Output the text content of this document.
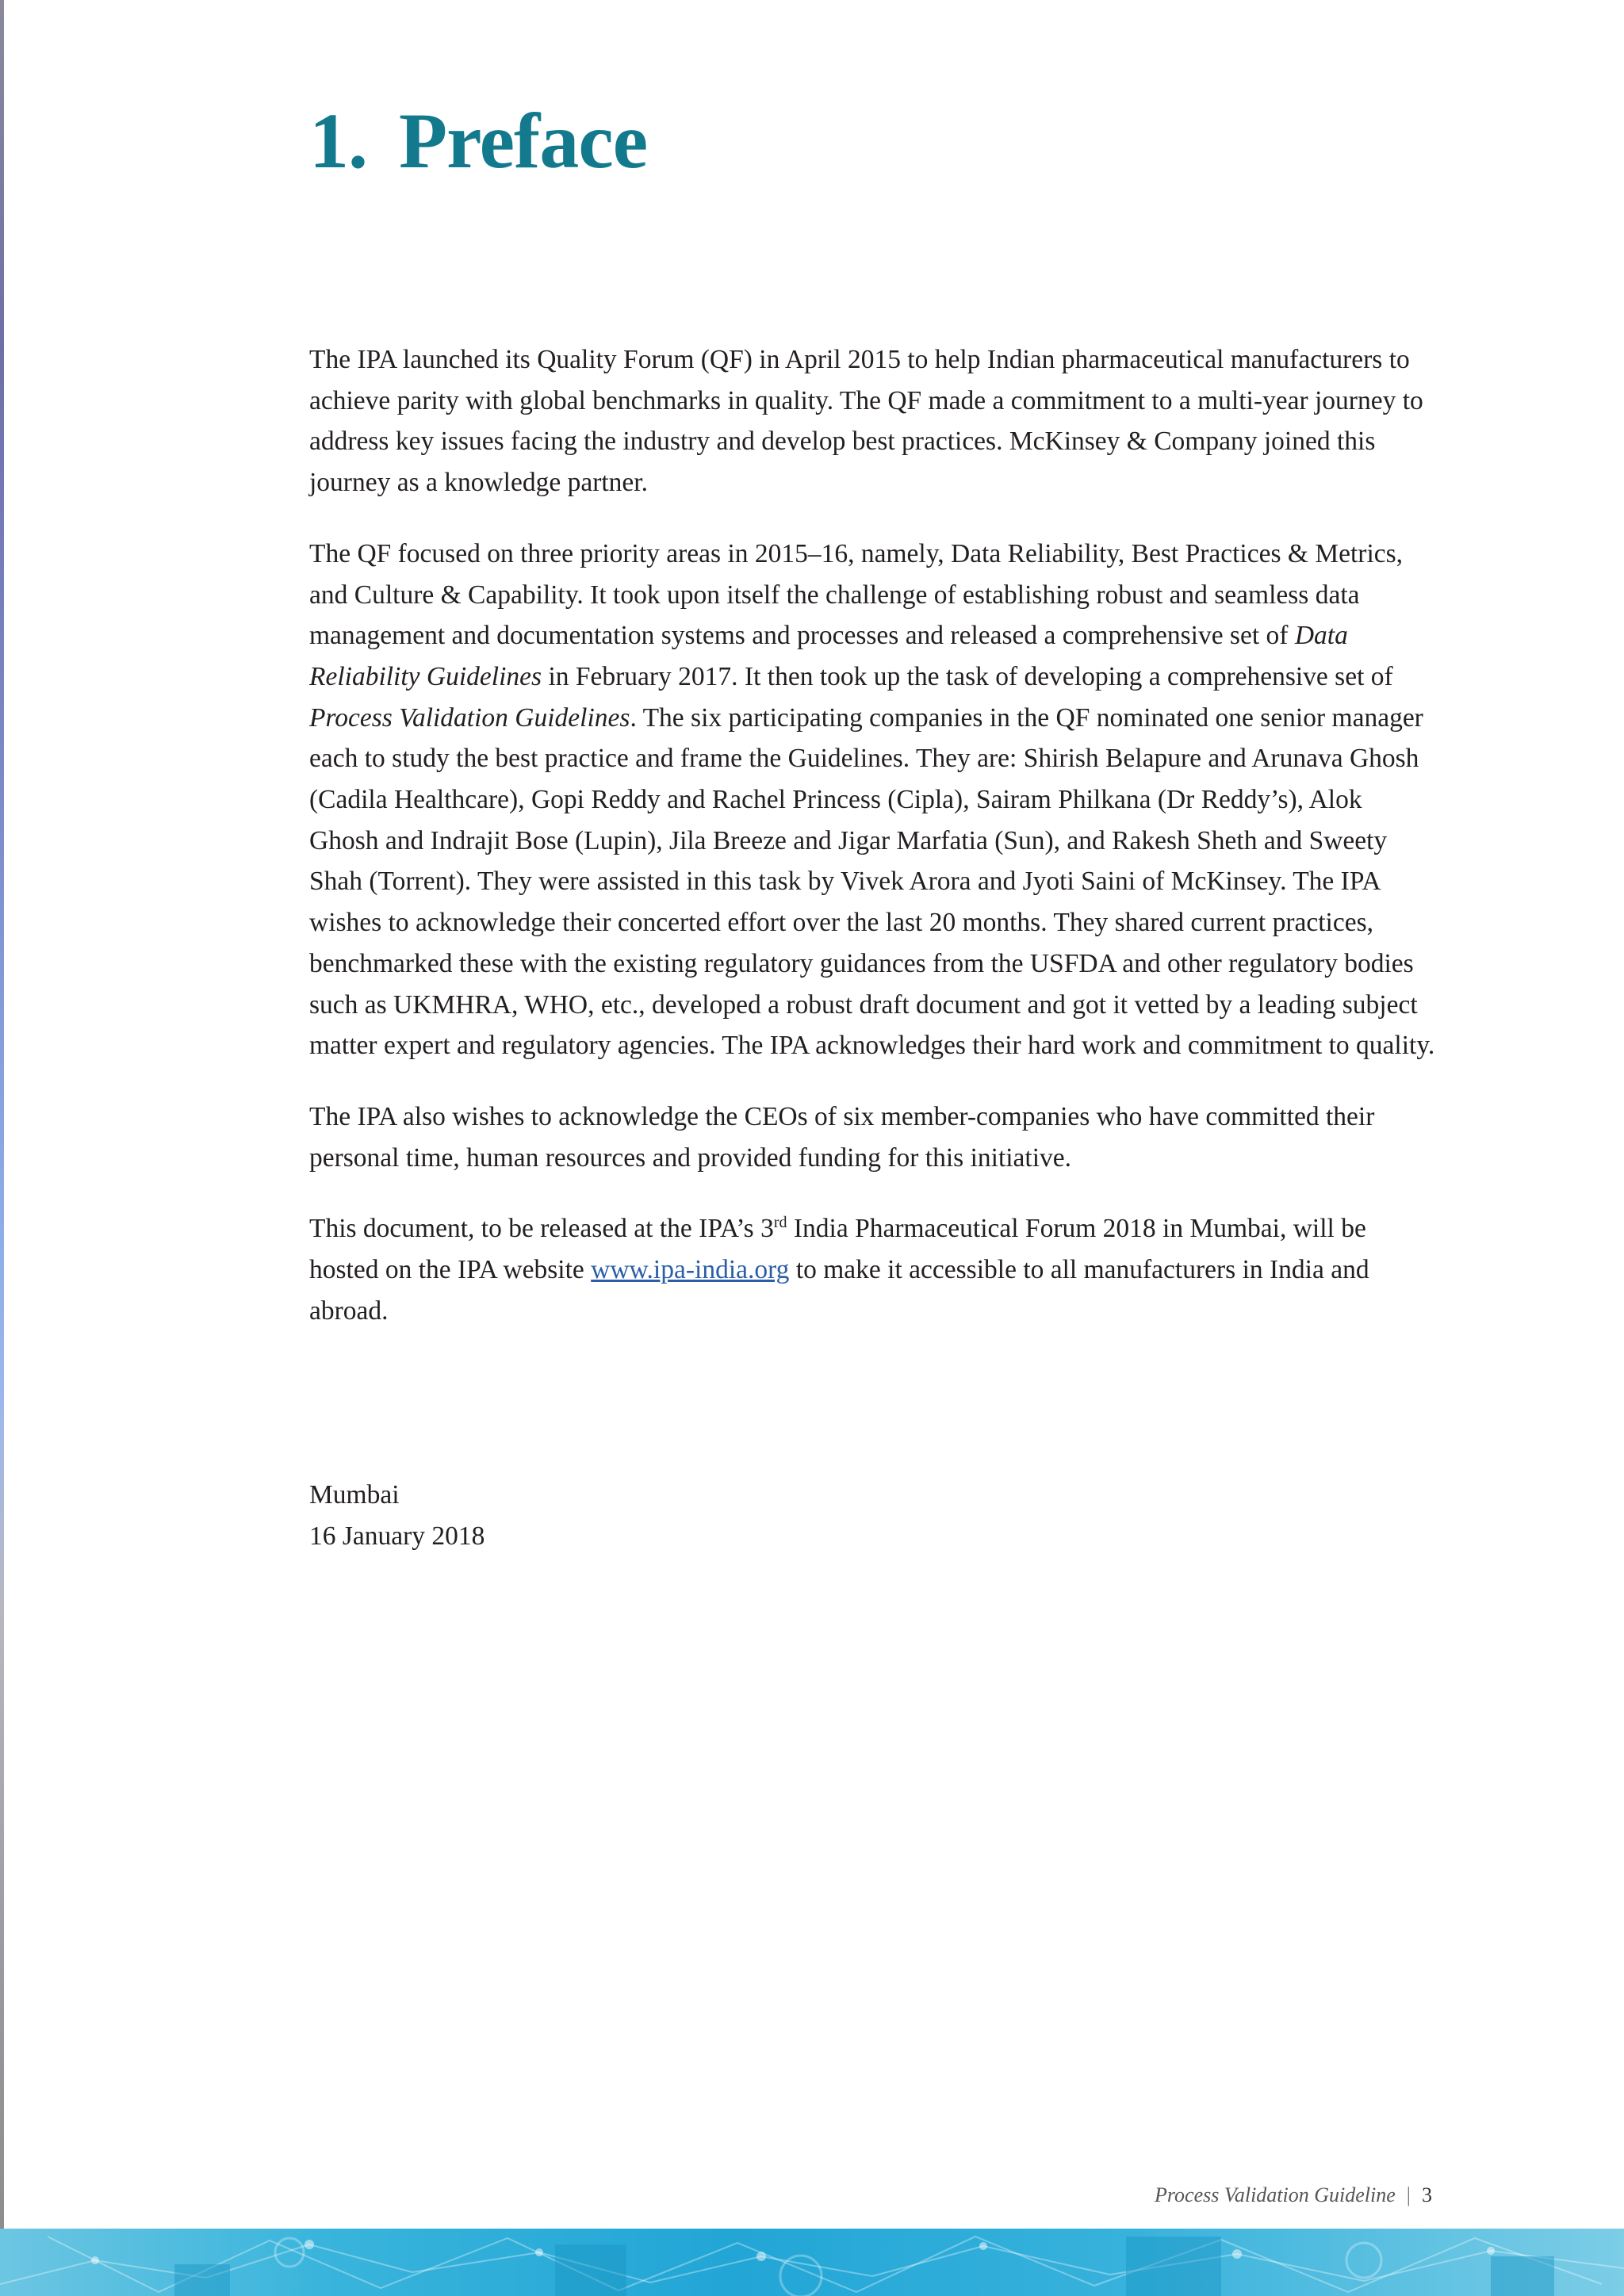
1. Preface

The IPA launched its Quality Forum (QF) in April 2015 to help Indian pharmaceutical manufacturers to achieve parity with global benchmarks in quality. The QF made a commitment to a multi-year journey to address key issues facing the industry and develop best practices. McKinsey & Company joined this journey as a knowledge partner.

The QF focused on three priority areas in 2015–16, namely, Data Reliability, Best Practices & Metrics, and Culture & Capability. It took upon itself the challenge of establishing robust and seamless data management and documentation systems and processes and released a comprehensive set of Data Reliability Guidelines in February 2017. It then took up the task of developing a comprehensive set of Process Validation Guidelines. The six participating companies in the QF nominated one senior manager each to study the best practice and frame the Guidelines. They are: Shirish Belapure and Arunava Ghosh (Cadila Healthcare), Gopi Reddy and Rachel Princess (Cipla), Sairam Philkana (Dr Reddy’s), Alok Ghosh and Indrajit Bose (Lupin), Jila Breeze and Jigar Marfatia (Sun), and Rakesh Sheth and Sweety Shah (Torrent). They were assisted in this task by Vivek Arora and Jyoti Saini of McKinsey. The IPA wishes to acknowledge their concerted effort over the last 20 months. They shared current practices, benchmarked these with the existing regulatory guidances from the USFDA and other regulatory bodies such as UKMHRA, WHO, etc., developed a robust draft document and got it vetted by a leading subject matter expert and regulatory agencies. The IPA acknowledges their hard work and commitment to quality.

The IPA also wishes to acknowledge the CEOs of six member-companies who have committed their personal time, human resources and provided funding for this initiative.

This document, to be released at the IPA’s 3rd India Pharmaceutical Forum 2018 in Mumbai, will be hosted on the IPA website www.ipa-india.org to make it accessible to all manufacturers in India and abroad.

Mumbai
16 January 2018
Process Validation Guideline | 3
